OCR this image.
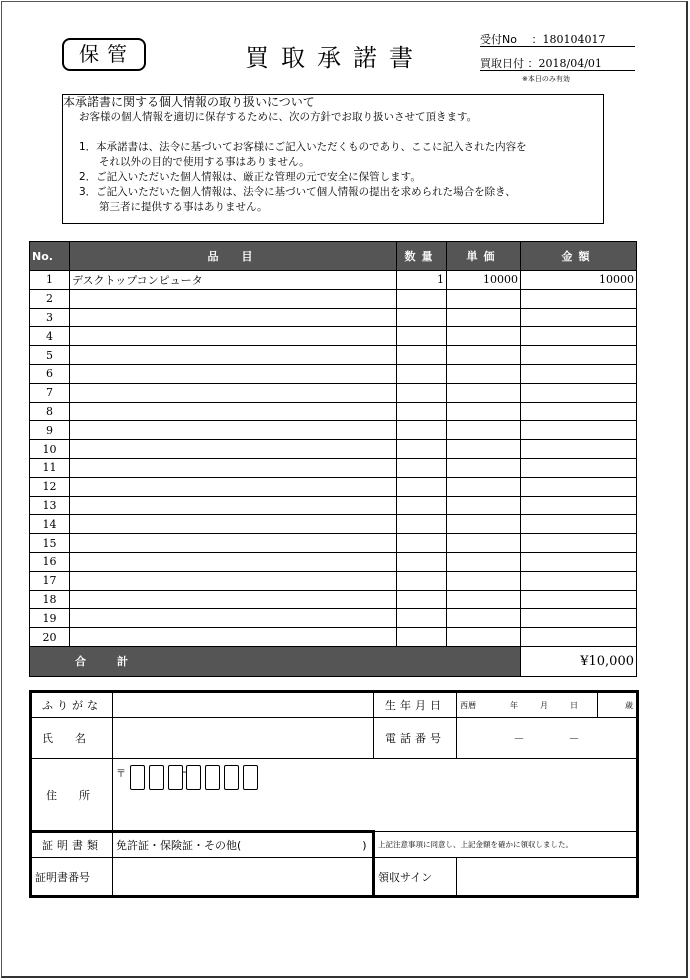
保管	買取承諾書
受付No　 ：180104017
買取日付 ：2018/04/01
※本日のみ有効
本承諾書に関する個人情報の取り扱いについて
お客様の個人情報を適切に保存するために、次の方針でお取り扱いさせて頂きます。
1．本承諾書は、法令に基づいてお客様にご記入いただくものであり、ここに記入された内容を
それ以外の目的で使用する事はありません。
2．ご記入いただいた個人情報は、厳正な管理の元で安全に保管します。
3．ご記入いただいた個人情報は、法令に基づいて個人情報の提出を求められた場合を除き、
第三者に提供する事はありません。
No.	品　目	数量	単価	金額
1	デスクトップコンピュータ	1	10000	10000
2				
3				
4				
5				
6				
7				
8				
9				
10				
11				
12				
13				
14				
15				
16				
17				
18				
19				
20				
合　計				¥10,000
ふりがな		生年月日	西暦 年 月 日	歳
氏　　名		電話番号	－　　　　－	
住　　所	〒 -			
証明書類	免許証・保険証・その他(　　　　　　　　　　　)	上記注意事項に同意し、上記金額を確かに領収しました。		
証明書番号		領収サイン		
